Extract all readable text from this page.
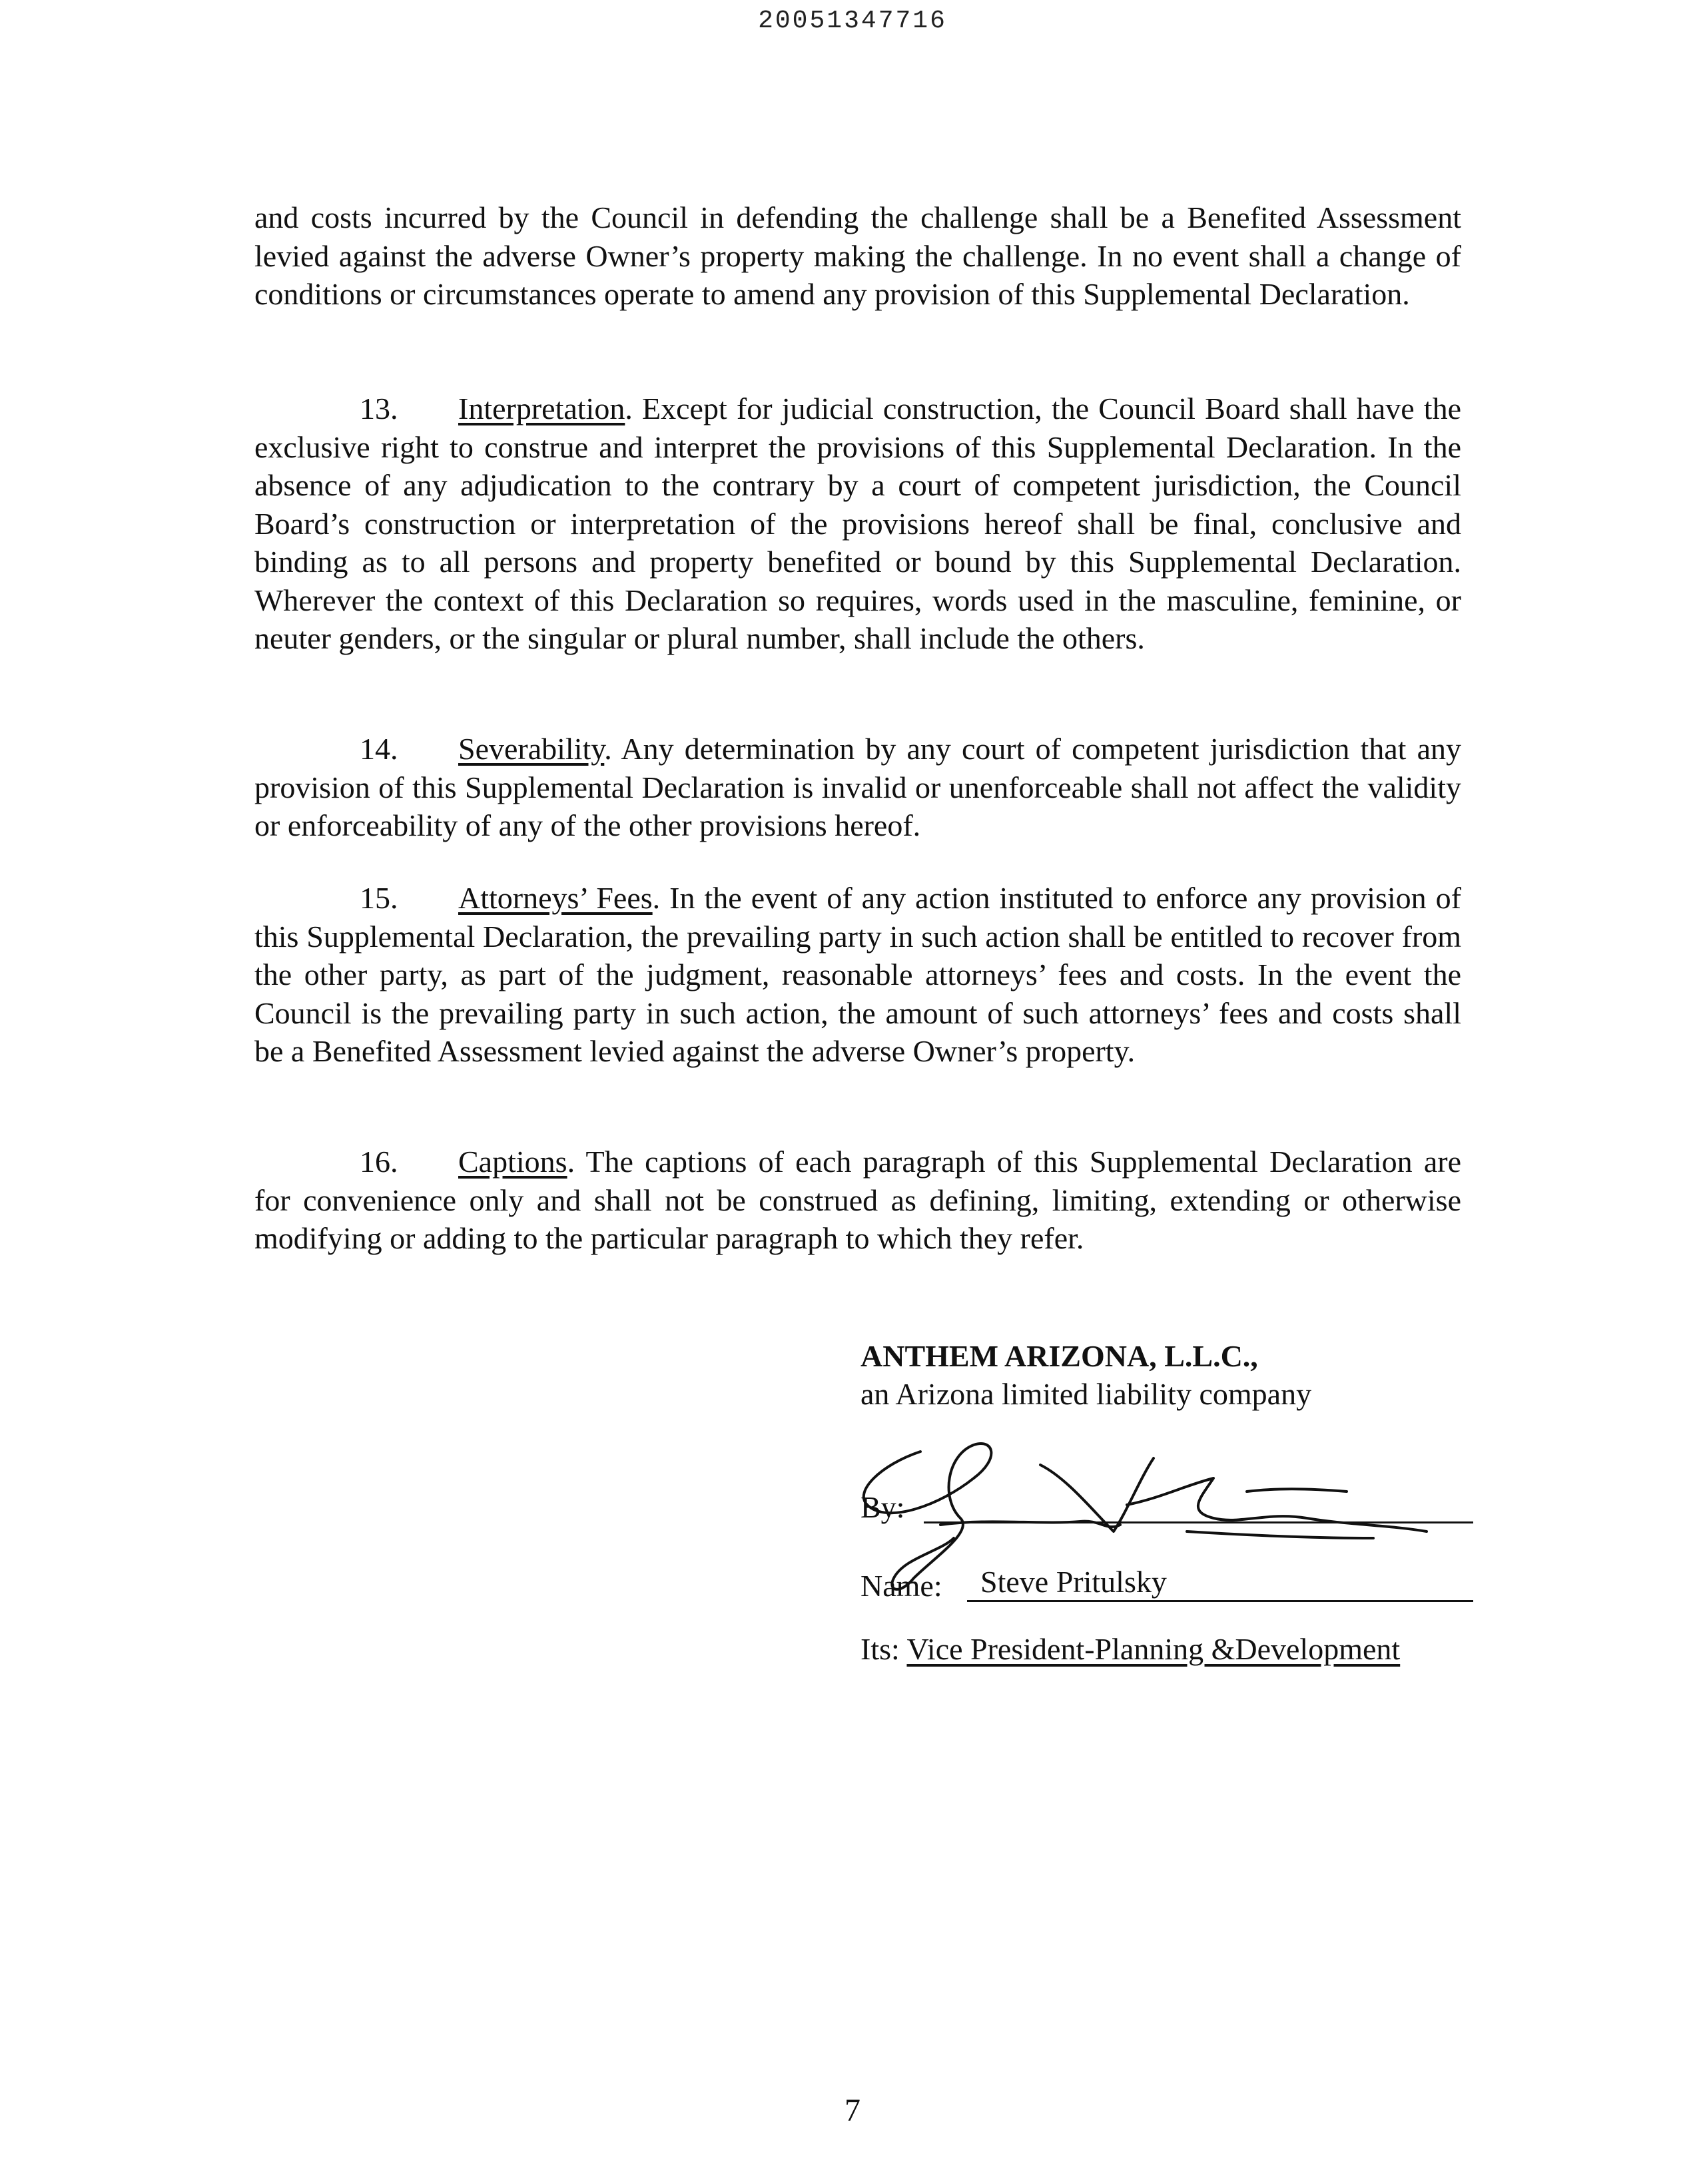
20051347716

and costs incurred by the Council in defending the challenge shall be a Benefited Assessment levied against the adverse Owner’s property making the challenge. In no event shall a change of conditions or circumstances operate to amend any provision of this Supplemental Declaration.

13. Interpretation. Except for judicial construction, the Council Board shall have the exclusive right to construe and interpret the provisions of this Supplemental Declaration. In the absence of any adjudication to the contrary by a court of competent jurisdiction, the Council Board’s construction or interpretation of the provisions hereof shall be final, conclusive and binding as to all persons and property benefited or bound by this Supplemental Declaration. Wherever the context of this Declaration so requires, words used in the masculine, feminine, or neuter genders, or the singular or plural number, shall include the others.

14. Severability. Any determination by any court of competent jurisdiction that any provision of this Supplemental Declaration is invalid or unenforceable shall not affect the validity or enforceability of any of the other provisions hereof.

15. Attorneys’ Fees. In the event of any action instituted to enforce any provision of this Supplemental Declaration, the prevailing party in such action shall be entitled to recover from the other party, as part of the judgment, reasonable attorneys’ fees and costs. In the event the Council is the prevailing party in such action, the amount of such attorneys’ fees and costs shall be a Benefited Assessment levied against the adverse Owner’s property.

16. Captions. The captions of each paragraph of this Supplemental Declaration are for convenience only and shall not be construed as defining, limiting, extending or otherwise modifying or adding to the particular paragraph to which they refer.

ANTHEM ARIZONA, L.L.C.,
an Arizona limited liability company
By:
Name: Steve Pritulsky
Its: Vice President-Planning &Development
7
